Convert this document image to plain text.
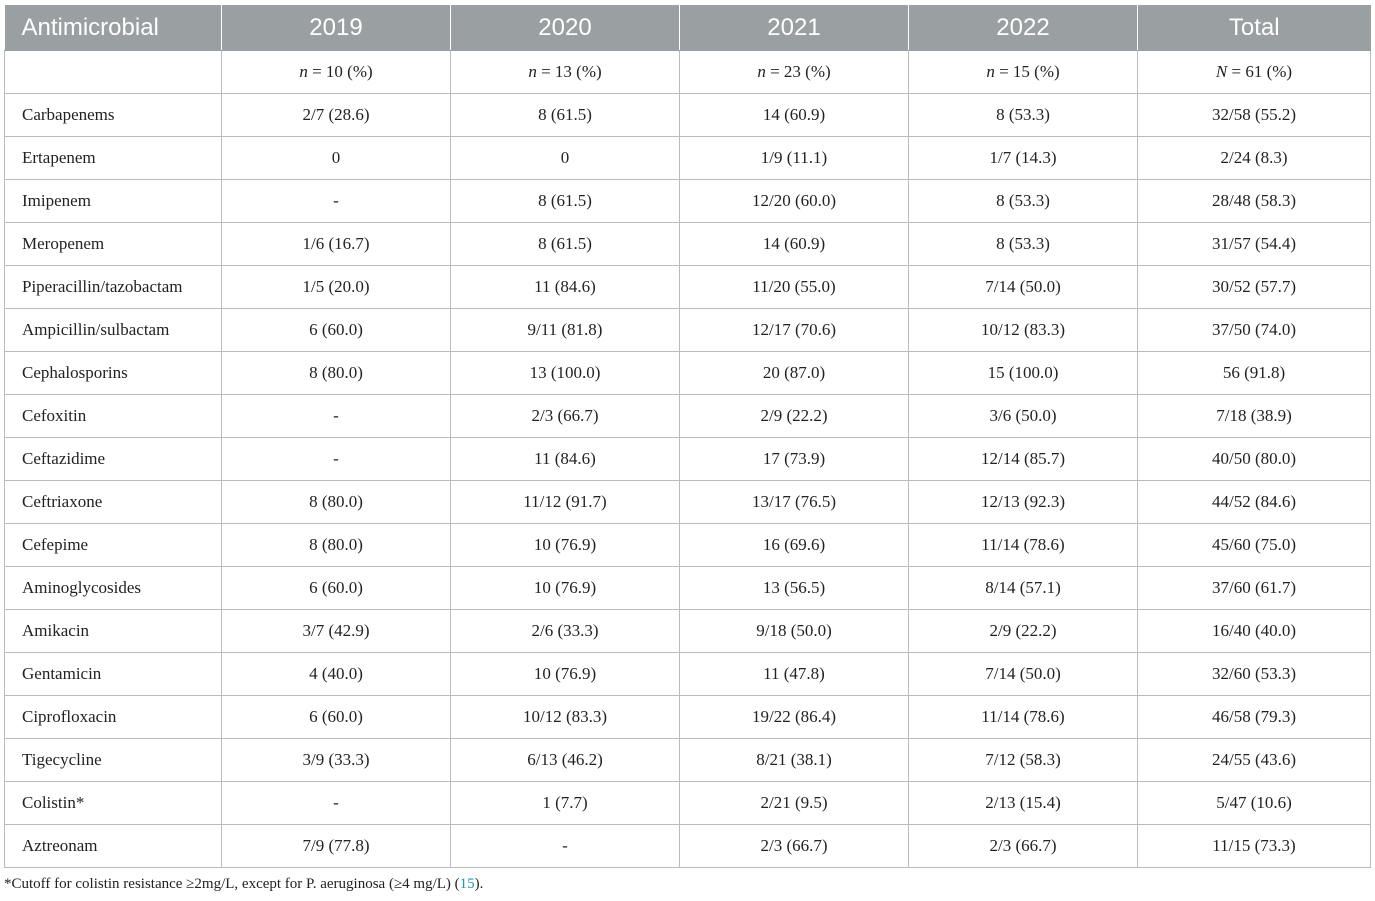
Antimicrobial	2019	2020	2021	2022	Total
	n = 10 (%)	n = 13 (%)	n = 23 (%)	n = 15 (%)	N = 61 (%)
Carbapenems	2/7 (28.6)	8 (61.5)	14 (60.9)	8 (53.3)	32/58 (55.2)
Ertapenem	0	0	1/9 (11.1)	1/7 (14.3)	2/24 (8.3)
Imipenem	-	8 (61.5)	12/20 (60.0)	8 (53.3)	28/48 (58.3)
Meropenem	1/6 (16.7)	8 (61.5)	14 (60.9)	8 (53.3)	31/57 (54.4)
Piperacillin/tazobactam	1/5 (20.0)	11 (84.6)	11/20 (55.0)	7/14 (50.0)	30/52 (57.7)
Ampicillin/sulbactam	6 (60.0)	9/11 (81.8)	12/17 (70.6)	10/12 (83.3)	37/50 (74.0)
Cephalosporins	8 (80.0)	13 (100.0)	20 (87.0)	15 (100.0)	56 (91.8)
Cefoxitin	-	2/3 (66.7)	2/9 (22.2)	3/6 (50.0)	7/18 (38.9)
Ceftazidime	-	11 (84.6)	17 (73.9)	12/14 (85.7)	40/50 (80.0)
Ceftriaxone	8 (80.0)	11/12 (91.7)	13/17 (76.5)	12/13 (92.3)	44/52 (84.6)
Cefepime	8 (80.0)	10 (76.9)	16 (69.6)	11/14 (78.6)	45/60 (75.0)
Aminoglycosides	6 (60.0)	10 (76.9)	13 (56.5)	8/14 (57.1)	37/60 (61.7)
Amikacin	3/7 (42.9)	2/6 (33.3)	9/18 (50.0)	2/9 (22.2)	16/40 (40.0)
Gentamicin	4 (40.0)	10 (76.9)	11 (47.8)	7/14 (50.0)	32/60 (53.3)
Ciprofloxacin	6 (60.0)	10/12 (83.3)	19/22 (86.4)	11/14 (78.6)	46/58 (79.3)
Tigecycline	3/9 (33.3)	6/13 (46.2)	8/21 (38.1)	7/12 (58.3)	24/55 (43.6)
Colistin*	-	1 (7.7)	2/21 (9.5)	2/13 (15.4)	5/47 (10.6)
Aztreonam	7/9 (77.8)	-	2/3 (66.7)	2/3 (66.7)	11/15 (73.3)
*Cutoff for colistin resistance ≥2mg/L, except for P. aeruginosa (≥4 mg/L) (15).
